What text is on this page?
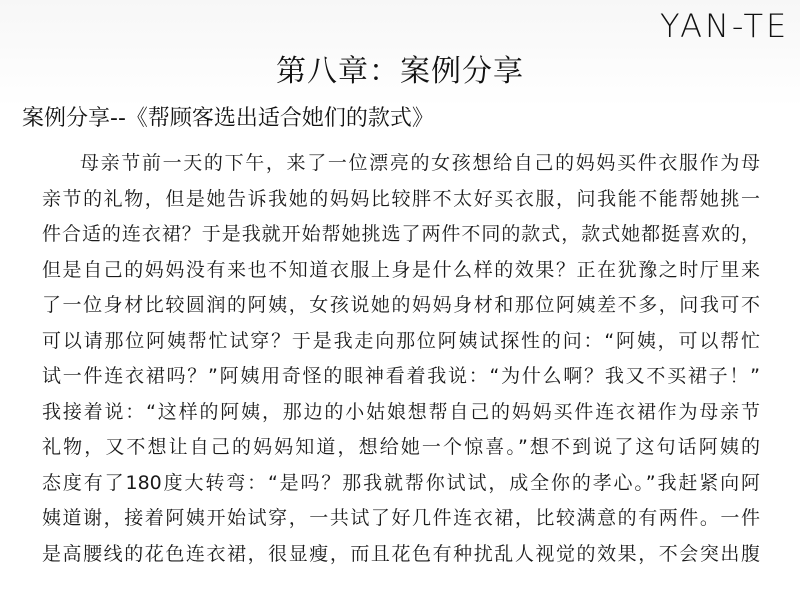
YAN-TE
第八章：案例分享
案例分享--《帮顾客选出适合她们的款式》
母亲节前一天的下午，来了一位漂亮的女孩想给自己的妈妈买件衣服作为母
亲节的礼物，但是她告诉我她的妈妈比较胖不太好买衣服，问我能不能帮她挑一
件合适的连衣裙？于是我就开始帮她挑选了两件不同的款式，款式她都挺喜欢的，
但是自己的妈妈没有来也不知道衣服上身是什么样的效果？正在犹豫之时厅里来
了一位身材比较圆润的阿姨，女孩说她的妈妈身材和那位阿姨差不多，问我可不
可以请那位阿姨帮忙试穿？于是我走向那位阿姨试探性的问：“阿姨，可以帮忙
试一件连衣裙吗？”阿姨用奇怪的眼神看着我说：“为什么啊？我又不买裙子！”
我接着说：“这样的阿姨，那边的小姑娘想帮自己的妈妈买件连衣裙作为母亲节
礼物，又不想让自己的妈妈知道，想给她一个惊喜。”想不到说了这句话阿姨的
态度有了180度大转弯：“是吗？那我就帮你试试，成全你的孝心。”我赶紧向阿
姨道谢，接着阿姨开始试穿，一共试了好几件连衣裙，比较满意的有两件。一件
是高腰线的花色连衣裙，很显瘦，而且花色有种扰乱人视觉的效果，不会突出腹
